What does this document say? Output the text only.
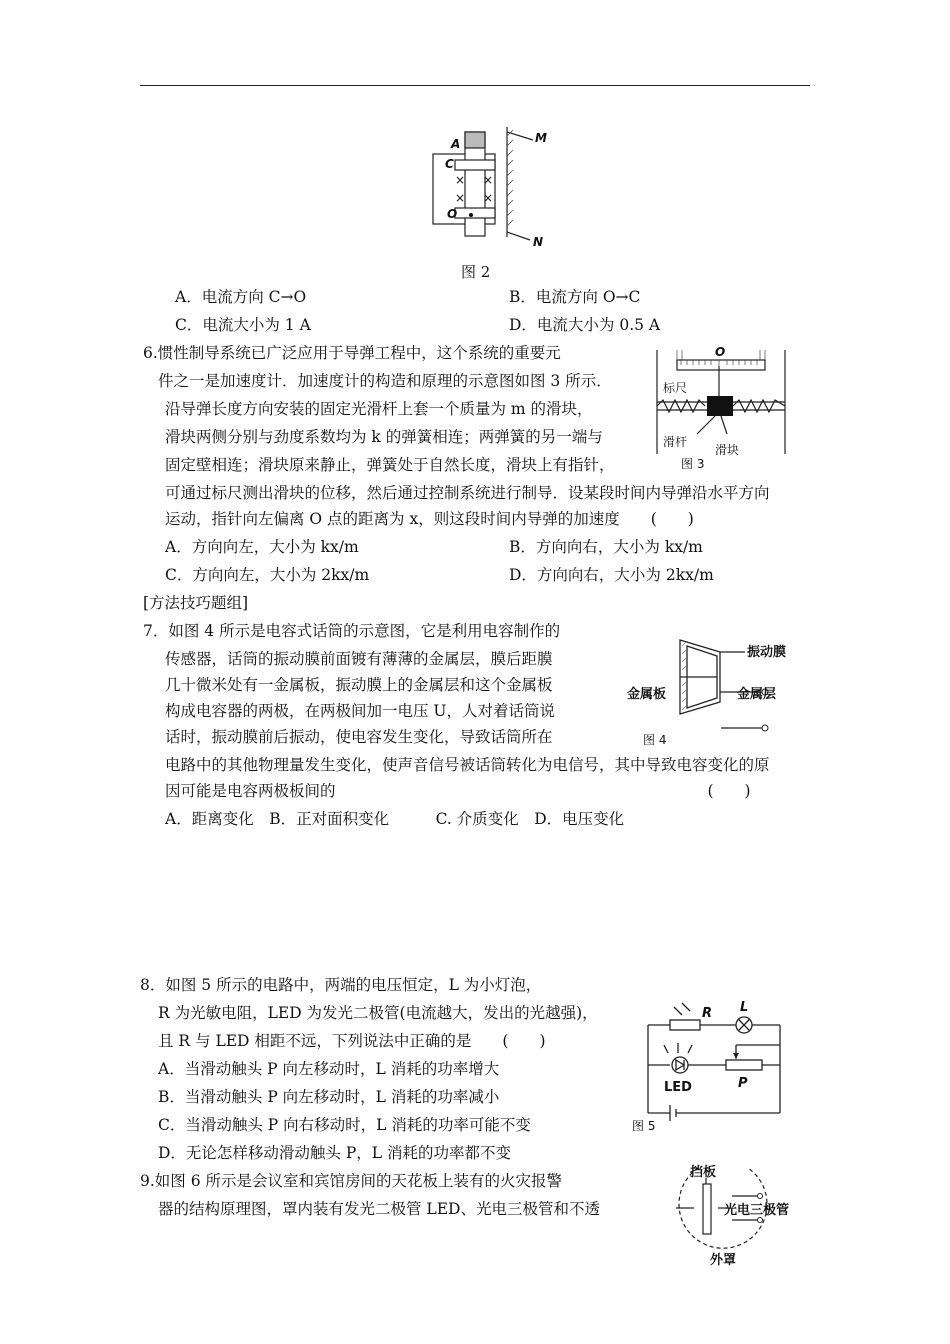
× ×
× ×
A
C
O
M
N
图 2
A．电流方向 C→O	B．电流方向 O→C
C．电流大小为 1 A	D．电流大小为 0.5 A
6.惯性制导系统已广泛应用于导弹工程中，这个系统的重要元
件之一是加速度计．加速度计的构造和原理的示意图如图 3 所示．
沿导弹长度方向安装的固定光滑杆上套一个质量为 m 的滑块，
滑块两侧分别与劲度系数均为 k 的弹簧相连；两弹簧的另一端与
固定壁相连；滑块原来静止，弹簧处于自然长度，滑块上有指针，
可通过标尺测出滑块的位移，然后通过控制系统进行制导．设某段时间内导弹沿水平方向
运动，指针向左偏离 O 点的距离为 x，则这段时间内导弹的加速度　　(　　)
A．方向向左，大小为 kx/m	B．方向向右，大小为 kx/m
C．方向向左，大小为 2kx/m	D．方向向右，大小为 2kx/m
O
标尺
滑杆
滑块
图 3
[方法技巧题组]
7．如图 4 所示是电容式话筒的示意图，它是利用电容制作的
传感器，话筒的振动膜前面镀有薄薄的金属层，膜后距膜
几十微米处有一金属板，振动膜上的金属层和这个金属板
构成电容器的两极，在两极间加一电压 U，人对着话筒说
话时，振动膜前后振动，使电容发生变化，导致话筒所在
电路中的其他物理量发生变化，使声音信号被话筒转化为电信号，其中导致电容变化的原
因可能是电容两极板间的　　　　　　　　　　　　　　　　　　　　　　　　(　　)
A．距离变化　B．正对面积变化　　　C. 介质变化　D．电压变化
振动膜
金属板	金属层
图 4
8．如图 5 所示的电路中，两端的电压恒定，L 为小灯泡，
R 为光敏电阻，LED 为发光二极管(电流越大，发出的光越强)，
且 R 与 LED 相距不远，下列说法中正确的是　　(　　)
A．当滑动触头 P 向左移动时，L 消耗的功率增大
B．当滑动触头 P 向左移动时，L 消耗的功率减小
C．当滑动触头 P 向右移动时，L 消耗的功率可能不变
D．无论怎样移动滑动触头 P，L 消耗的功率都不变
R L
LED	P
图 5
9.如图 6 所示是会议室和宾馆房间的天花板上装有的火灾报警
器的结构原理图，罩内装有发光二极管 LED、光电三极管和不透
挡板
光电三极管
外罩
